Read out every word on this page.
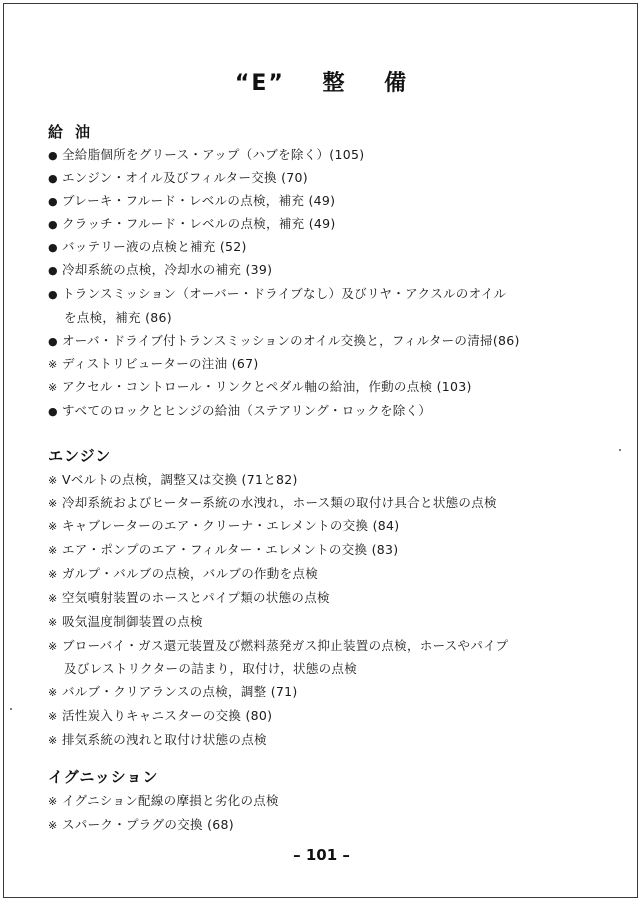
“E” 整 備
給油
● 全給脂個所をグリース・アップ（ハブを除く）(105)
● エンジン・オイル及びフィルター交換 (70)
● ブレーキ・フルード・レベルの点検，補充 (49)
● クラッチ・フルード・レベルの点検，補充 (49)
● バッテリー液の点検と補充 (52)
● 冷却系統の点検，冷却水の補充 (39)
● トランスミッション（オーバー・ドライブなし）及びリヤ・アクスルのオイル
を点検，補充 (86)
● オーバ・ドライブ付トランスミッションのオイル交換と，フィルターの清掃(86)
※ ディストリビューターの注油 (67)
※ アクセル・コントロール・リンクとペダル軸の給油，作動の点検 (103)
● すべてのロックとヒンジの給油（ステアリング・ロックを除く）
エンジン
※ Vベルトの点検，調整又は交換 (71と82)
※ 冷却系統およびヒーター系統の水洩れ，ホース類の取付け具合と状態の点検
※ キャブレーターのエア・クリーナ・エレメントの交換 (84)
※ エア・ポンプのエア・フィルター・エレメントの交換 (83)
※ ガルプ・バルブの点検，バルブの作動を点検
※ 空気噴射装置のホースとパイプ類の状態の点検
※ 吸気温度制御装置の点検
※ ブローバイ・ガス還元装置及び燃料蒸発ガス抑止装置の点検，ホースやパイプ
及びレストリクターの詰まり，取付け，状態の点検
※ バルブ・クリアランスの点検，調整 (71)
※ 活性炭入りキャニスターの交換 (80)
※ 排気系統の洩れと取付け状態の点検
イグニッション
※ イグニション配線の摩損と劣化の点検
※ スパーク・プラグの交換 (68)
– 101 –
